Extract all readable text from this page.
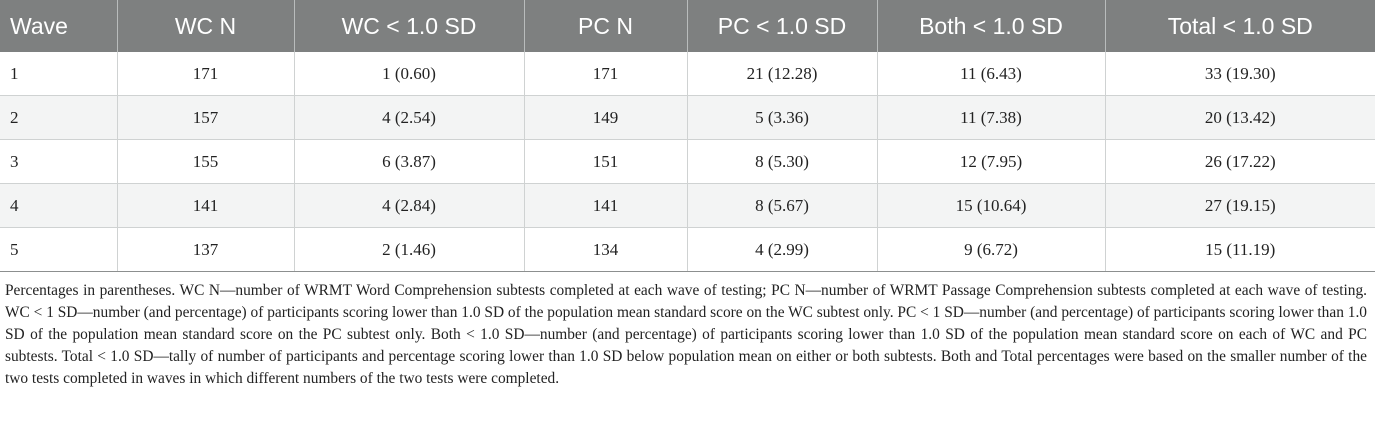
Wave	WC N	WC < 1.0 SD	PC N	PC < 1.0 SD	Both < 1.0 SD	Total < 1.0 SD
1	171	1 (0.60)	171	21 (12.28)	11 (6.43)	33 (19.30)
2	157	4 (2.54)	149	5 (3.36)	11 (7.38)	20 (13.42)
3	155	6 (3.87)	151	8 (5.30)	12 (7.95)	26 (17.22)
4	141	4 (2.84)	141	8 (5.67)	15 (10.64)	27 (19.15)
5	137	2 (1.46)	134	4 (2.99)	9 (6.72)	15 (11.19)

Percentages in parentheses. WC N—number of WRMT Word Comprehension subtests completed at each wave of testing; PC N—number of WRMT Passage Comprehension subtests completed at each wave of testing. WC < 1 SD—number (and percentage) of participants scoring lower than 1.0 SD of the population mean standard score on the WC subtest only. PC < 1 SD—number (and percentage) of participants scoring lower than 1.0 SD of the population mean standard score on the PC subtest only. Both < 1.0 SD—number (and percentage) of participants scoring lower than 1.0 SD of the population mean standard score on each of WC and PC subtests. Total < 1.0 SD—tally of number of participants and percentage scoring lower than 1.0 SD below population mean on either or both subtests. Both and Total percentages were based on the smaller number of the two tests completed in waves in which different numbers of the two tests were completed.
